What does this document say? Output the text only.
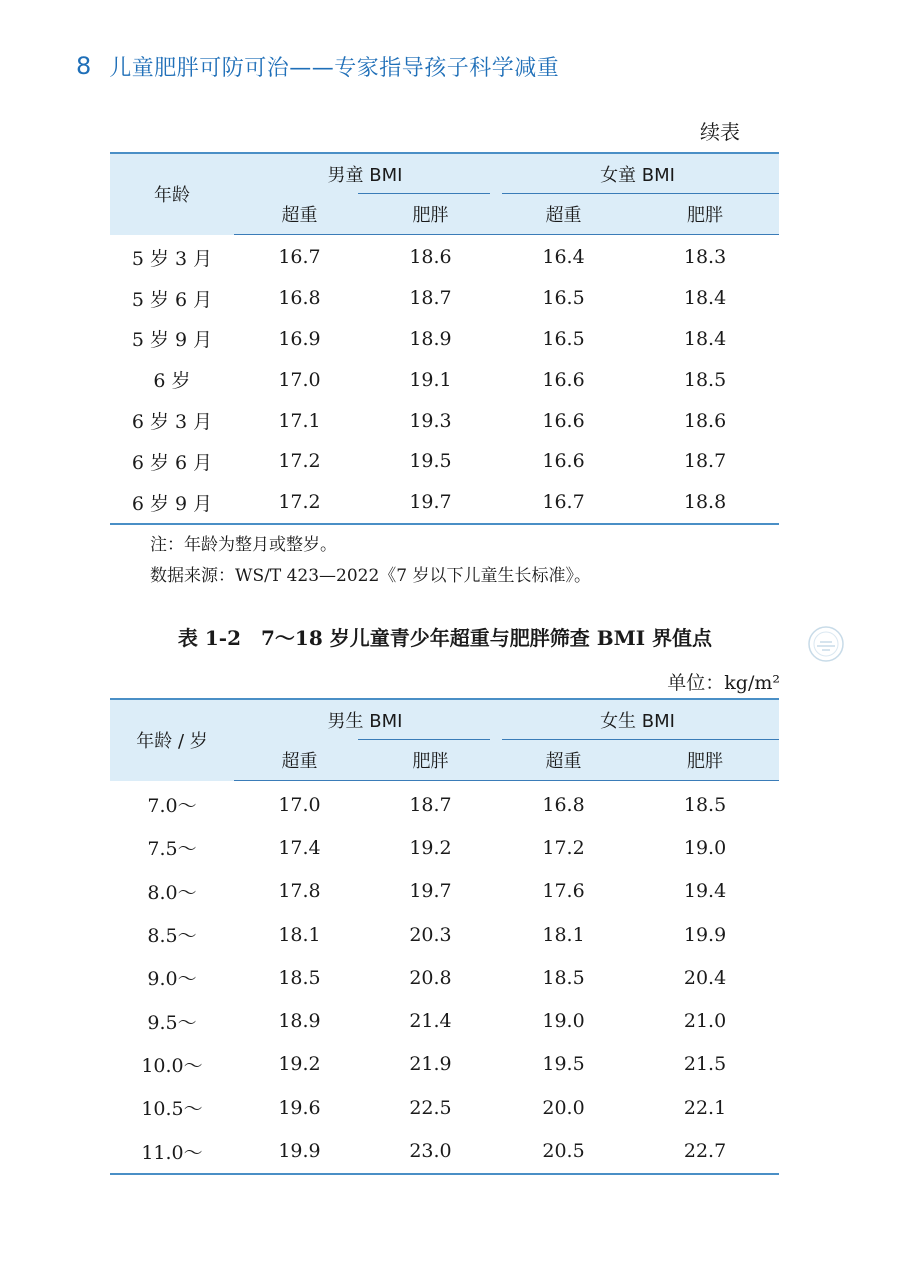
8 儿童肥胖可防可治——专家指导孩子科学减重
续表
年龄	男童 BMI		女童 BMI	
	超重	肥胖	超重	肥胖
5 岁 3 月	16.7	18.6	16.4	18.3
5 岁 6 月	16.8	18.7	16.5	18.4
5 岁 9 月	16.9	18.9	16.5	18.4
6 岁	17.0	19.1	16.6	18.5
6 岁 3 月	17.1	19.3	16.6	18.6
6 岁 6 月	17.2	19.5	16.6	18.7
6 岁 9 月	17.2	19.7	16.7	18.8
注：年龄为整月或整岁。
数据来源：WS/T 423—2022《7 岁以下儿童生长标准》。
表 1-2　7～18 岁儿童青少年超重与肥胖筛查 BMI 界值点
单位：kg/m²
年龄 / 岁	男生 BMI		女生 BMI	
	超重	肥胖	超重	肥胖
7.0～	17.0	18.7	16.8	18.5
7.5～	17.4	19.2	17.2	19.0
8.0～	17.8	19.7	17.6	19.4
8.5～	18.1	20.3	18.1	19.9
9.0～	18.5	20.8	18.5	20.4
9.5～	18.9	21.4	19.0	21.0
10.0～	19.2	21.9	19.5	21.5
10.5～	19.6	22.5	20.0	22.1
11.0～	19.9	23.0	20.5	22.7
